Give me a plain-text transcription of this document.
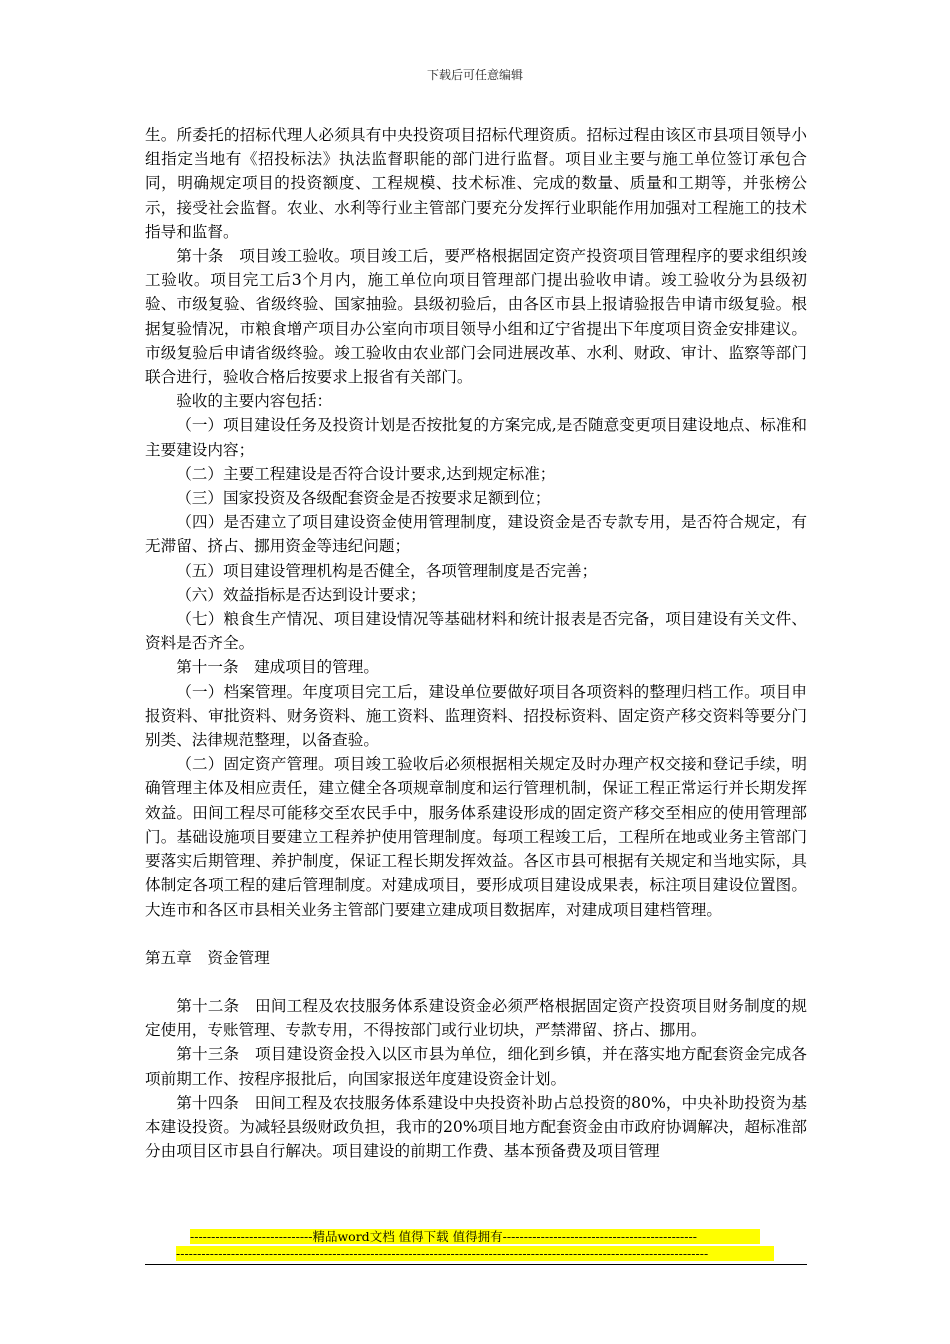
下载后可任意编辑

生。所委托的招标代理人必须具有中央投资项目招标代理资质。招标过程由该区市县项目领导小组指定当地有《招投标法》执法监督职能的部门进行监督。项目业主要与施工单位签订承包合同，明确规定项目的投资额度、工程规模、技术标准、完成的数量、质量和工期等，并张榜公示，接受社会监督。农业、水利等行业主管部门要充分发挥行业职能作用加强对工程施工的技术指导和监督。

第十条　项目竣工验收。项目竣工后，要严格根据固定资产投资项目管理程序的要求组织竣工验收。项目完工后3个月内，施工单位向项目管理部门提出验收申请。竣工验收分为县级初验、市级复验、省级终验、国家抽验。县级初验后，由各区市县上报请验报告申请市级复验。根据复验情况，市粮食增产项目办公室向市项目领导小组和辽宁省提出下年度项目资金安排建议。市级复验后申请省级终验。竣工验收由农业部门会同进展改革、水利、财政、审计、监察等部门联合进行，验收合格后按要求上报省有关部门。

验收的主要内容包括：

（一）项目建设任务及投资计划是否按批复的方案完成,是否随意变更项目建设地点、标准和主要建设内容；

（二）主要工程建设是否符合设计要求,达到规定标准；

（三）国家投资及各级配套资金是否按要求足额到位；

（四）是否建立了项目建设资金使用管理制度，建设资金是否专款专用，是否符合规定，有无滞留、挤占、挪用资金等违纪问题；

（五）项目建设管理机构是否健全，各项管理制度是否完善；

（六）效益指标是否达到设计要求；

（七）粮食生产情况、项目建设情况等基础材料和统计报表是否完备，项目建设有关文件、资料是否齐全。

第十一条　建成项目的管理。

（一）档案管理。年度项目完工后，建设单位要做好项目各项资料的整理归档工作。项目申报资料、审批资料、财务资料、施工资料、监理资料、招投标资料、固定资产移交资料等要分门别类、法律规范整理，以备查验。

（二）固定资产管理。项目竣工验收后必须根据相关规定及时办理产权交接和登记手续，明确管理主体及相应责任，建立健全各项规章制度和运行管理机制，保证工程正常运行并长期发挥效益。田间工程尽可能移交至农民手中，服务体系建设形成的固定资产移交至相应的使用管理部门。基础设施项目要建立工程养护使用管理制度。每项工程竣工后，工程所在地或业务主管部门要落实后期管理、养护制度，保证工程长期发挥效益。各区市县可根据有关规定和当地实际，具体制定各项工程的建后管理制度。对建成项目，要形成项目建设成果表，标注项目建设位置图。大连市和各区市县相关业务主管部门要建立建成项目数据库，对建成项目建档管理。

第五章　资金管理

第十二条　田间工程及农技服务体系建设资金必须严格根据固定资产投资项目财务制度的规定使用，专账管理、专款专用，不得按部门或行业切块，严禁滞留、挤占、挪用。

第十三条　项目建设资金投入以区市县为单位，细化到乡镇，并在落实地方配套资金完成各项前期工作、按程序报批后，向国家报送年度建设资金计划。

第十四条　田间工程及农技服务体系建设中央投资补助占总投资的80%，中央补助投资为基本建设投资。为减轻县级财政负担，我市的20%项目地方配套资金由市政府协调解决，超标准部分由项目区市县自行解决。项目建设的前期工作费、基本预备费及项目管理

-----------------------------精品word文档 值得下载 值得拥有----------------------------------------------
------------------------------------------------------------------------------------------------------------------------------
